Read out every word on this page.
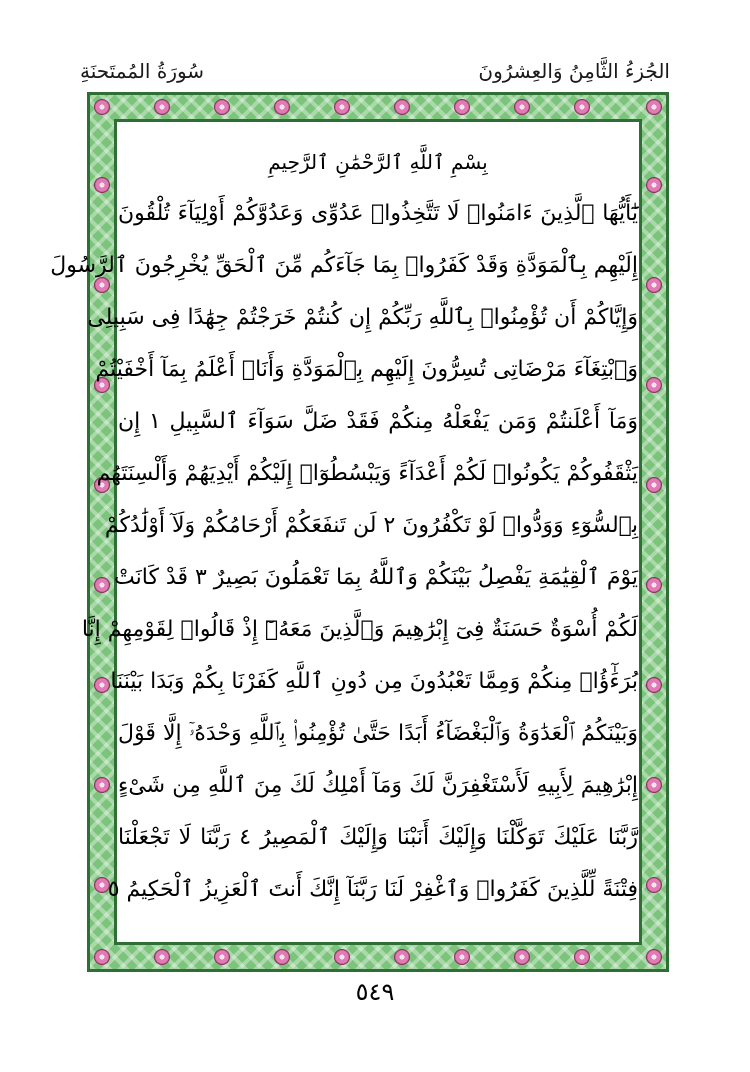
سُورَةُ المُمتَحنَةِ	الجُزءُ الثَّامِنُ وَالعِشرُونَ
بِسْمِ ٱللَّهِ ٱلرَّحْمَٰنِ ٱلرَّحِيمِ
يَٰٓأَيُّهَا ٱلَّذِينَ ءَامَنُوا۟ لَا تَتَّخِذُوا۟ عَدُوِّى وَعَدُوَّكُمْ أَوْلِيَآءَ تُلْقُونَ
إِلَيْهِم بِٱلْمَوَدَّةِ وَقَدْ كَفَرُوا۟ بِمَا جَآءَكُم مِّنَ ٱلْحَقِّ يُخْرِجُونَ ٱلرَّسُولَ
وَإِيَّاكُمْ أَن تُؤْمِنُوا۟ بِٱللَّهِ رَبِّكُمْ إِن كُنتُمْ خَرَجْتُمْ جِهَٰدًا فِى سَبِيلِى
وَٱبْتِغَآءَ مَرْضَاتِى تُسِرُّونَ إِلَيْهِم بِٱلْمَوَدَّةِ وَأَنَا۠ أَعْلَمُ بِمَآ أَخْفَيْتُمْ
وَمَآ أَعْلَنتُمْ وَمَن يَفْعَلْهُ مِنكُمْ فَقَدْ ضَلَّ سَوَآءَ ٱلسَّبِيلِ ١ إِن
يَثْقَفُوكُمْ يَكُونُوا۟ لَكُمْ أَعْدَآءً وَيَبْسُطُوٓا۟ إِلَيْكُمْ أَيْدِيَهُمْ وَأَلْسِنَتَهُم
بِٱلسُّوٓءِ وَوَدُّوا۟ لَوْ تَكْفُرُونَ ٢ لَن تَنفَعَكُمْ أَرْحَامُكُمْ وَلَآ أَوْلَٰدُكُمْ
يَوْمَ ٱلْقِيَٰمَةِ يَفْصِلُ بَيْنَكُمْ وَٱللَّهُ بِمَا تَعْمَلُونَ بَصِيرٌ ٣ قَدْ كَانَتْ
لَكُمْ أُسْوَةٌ حَسَنَةٌ فِىٓ إِبْرَٰهِيمَ وَٱلَّذِينَ مَعَهُۥٓ إِذْ قَالُوا۟ لِقَوْمِهِمْ إِنَّا
بُرَءَٰٓؤُا۟ مِنكُمْ وَمِمَّا تَعْبُدُونَ مِن دُونِ ٱللَّهِ كَفَرْنَا بِكُمْ وَبَدَا بَيْنَنَا
وَبَيْنَكُمُ ٱلْعَدَٰوَةُ وَٱلْبَغْضَآءُ أَبَدًا حَتَّىٰ تُؤْمِنُوا۟ بِٱللَّهِ وَحْدَهُۥٓ إِلَّا قَوْلَ
إِبْرَٰهِيمَ لِأَبِيهِ لَأَسْتَغْفِرَنَّ لَكَ وَمَآ أَمْلِكُ لَكَ مِنَ ٱللَّهِ مِن شَىْءٍ
رَّبَّنَا عَلَيْكَ تَوَكَّلْنَا وَإِلَيْكَ أَنَبْنَا وَإِلَيْكَ ٱلْمَصِيرُ ٤ رَبَّنَا لَا تَجْعَلْنَا
فِتْنَةً لِّلَّذِينَ كَفَرُوا۟ وَٱغْفِرْ لَنَا رَبَّنَآ إِنَّكَ أَنتَ ٱلْعَزِيزُ ٱلْحَكِيمُ ٥
٥٤٩
